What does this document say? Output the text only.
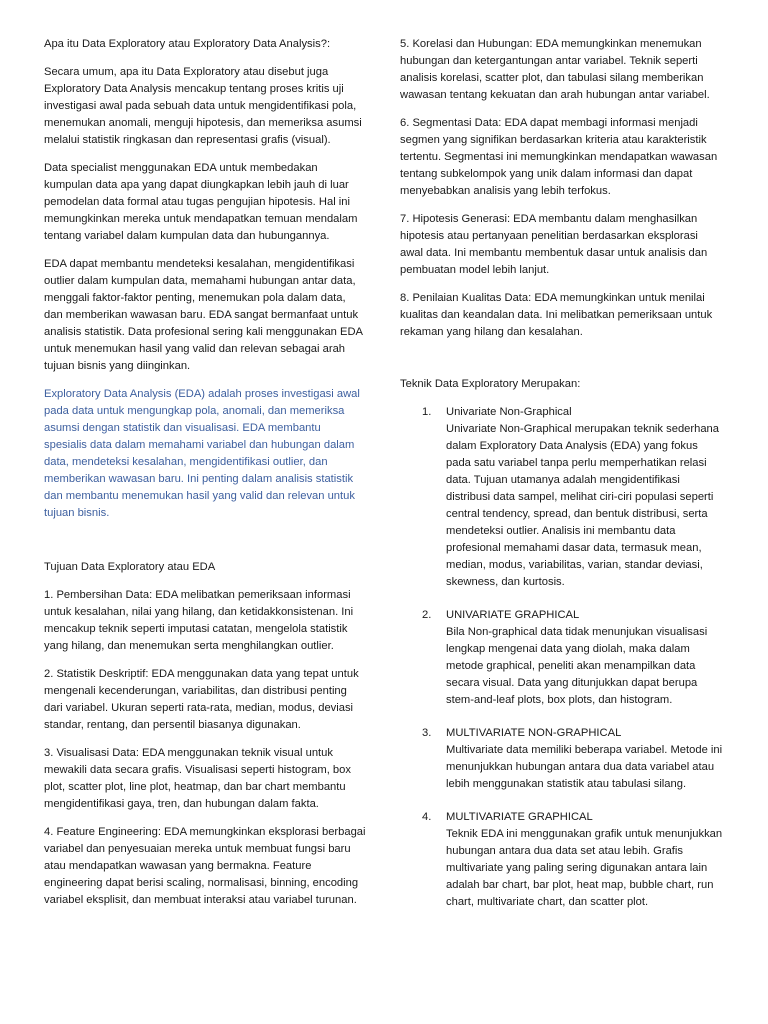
Apa itu Data Exploratory atau Exploratory Data Analysis?:

Secara umum, apa itu Data Exploratory atau disebut juga Exploratory Data Analysis mencakup tentang proses kritis uji investigasi awal pada sebuah data untuk mengidentifikasi pola, menemukan anomali, menguji hipotesis, dan memeriksa asumsi melalui statistik ringkasan dan representasi grafis (visual).

Data specialist menggunakan EDA untuk membedakan kumpulan data apa yang dapat diungkapkan lebih jauh di luar pemodelan data formal atau tugas pengujian hipotesis. Hal ini memungkinkan mereka untuk mendapatkan temuan mendalam tentang variabel dalam kumpulan data dan hubungannya.

EDA dapat membantu mendeteksi kesalahan, mengidentifikasi outlier dalam kumpulan data, memahami hubungan antar data, menggali faktor-faktor penting, menemukan pola dalam data, dan memberikan wawasan baru. EDA sangat bermanfaat untuk analisis statistik. Data profesional sering kali menggunakan EDA untuk menemukan hasil yang valid dan relevan sebagai arah tujuan bisnis yang diinginkan.

Exploratory Data Analysis (EDA) adalah proses investigasi awal pada data untuk mengungkap pola, anomali, dan memeriksa asumsi dengan statistik dan visualisasi. EDA membantu spesialis data dalam memahami variabel dan hubungan dalam data, mendeteksi kesalahan, mengidentifikasi outlier, dan memberikan wawasan baru. Ini penting dalam analisis statistik dan membantu menemukan hasil yang valid dan relevan untuk tujuan bisnis.

Tujuan Data Exploratory atau EDA

1. Pembersihan Data: EDA melibatkan pemeriksaan informasi untuk kesalahan, nilai yang hilang, dan ketidakkonsistenan. Ini mencakup teknik seperti imputasi catatan, mengelola statistik yang hilang, dan menemukan serta menghilangkan outlier.

2. Statistik Deskriptif: EDA menggunakan data yang tepat untuk mengenali kecenderungan, variabilitas, dan distribusi penting dari variabel. Ukuran seperti rata-rata, median, modus, deviasi standar, rentang, dan persentil biasanya digunakan.

3. Visualisasi Data: EDA menggunakan teknik visual untuk mewakili data secara grafis. Visualisasi seperti histogram, box plot, scatter plot, line plot, heatmap, dan bar chart membantu mengidentifikasi gaya, tren, dan hubungan dalam fakta.

4. Feature Engineering: EDA memungkinkan eksplorasi berbagai variabel dan penyesuaian mereka untuk membuat fungsi baru atau mendapatkan wawasan yang bermakna. Feature engineering dapat berisi scaling, normalisasi, binning, encoding variabel eksplisit, dan membuat interaksi atau variabel turunan.

5. Korelasi dan Hubungan: EDA memungkinkan menemukan hubungan dan ketergantungan antar variabel. Teknik seperti analisis korelasi, scatter plot, dan tabulasi silang memberikan wawasan tentang kekuatan dan arah hubungan antar variabel.

6. Segmentasi Data: EDA dapat membagi informasi menjadi segmen yang signifikan berdasarkan kriteria atau karakteristik tertentu. Segmentasi ini memungkinkan mendapatkan wawasan tentang subkelompok yang unik dalam informasi dan dapat menyebabkan analisis yang lebih terfokus.

7. Hipotesis Generasi: EDA membantu dalam menghasilkan hipotesis atau pertanyaan penelitian berdasarkan eksplorasi awal data. Ini membantu membentuk dasar untuk analisis dan pembuatan model lebih lanjut.

8. Penilaian Kualitas Data: EDA memungkinkan untuk menilai kualitas dan keandalan data. Ini melibatkan pemeriksaan untuk rekaman yang hilang dan kesalahan.

Teknik Data Exploratory Merupakan:

1. Univariate Non-Graphical
Univariate Non-Graphical merupakan teknik sederhana dalam Exploratory Data Analysis (EDA) yang fokus pada satu variabel tanpa perlu memperhatikan relasi data. Tujuan utamanya adalah mengidentifikasi distribusi data sampel, melihat ciri-ciri populasi seperti central tendency, spread, dan bentuk distribusi, serta mendeteksi outlier. Analisis ini membantu data profesional memahami dasar data, termasuk mean, median, modus, variabilitas, varian, standar deviasi, skewness, dan kurtosis.
2. UNIVARIATE GRAPHICAL
Bila Non-graphical data tidak menunjukan visualisasi lengkap mengenai data yang diolah, maka dalam metode graphical, peneliti akan menampilkan data secara visual. Data yang ditunjukkan dapat berupa stem-and-leaf plots, box plots, dan histogram.
3. MULTIVARIATE NON-GRAPHICAL
Multivariate data memiliki beberapa variabel. Metode ini menunjukkan hubungan antara dua data variabel atau lebih menggunakan statistik atau tabulasi silang.
4. MULTIVARIATE GRAPHICAL
Teknik EDA ini menggunakan grafik untuk menunjukkan hubungan antara dua data set atau lebih. Grafis multivariate yang paling sering digunakan antara lain adalah bar chart, bar plot, heat map, bubble chart, run chart, multivariate chart, dan scatter plot.
